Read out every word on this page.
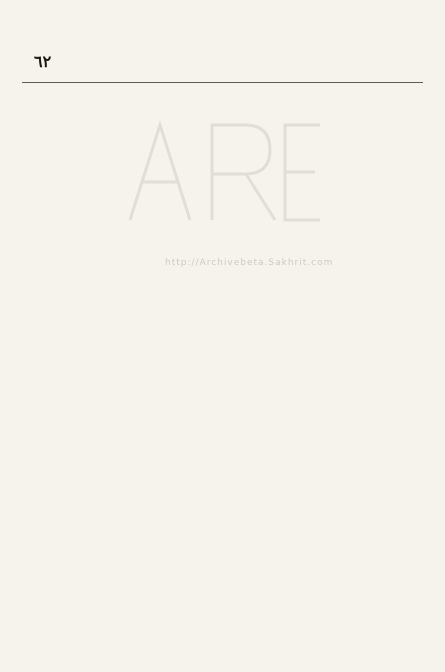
٦٢
http://Archivebeta.Sakhrit.com
